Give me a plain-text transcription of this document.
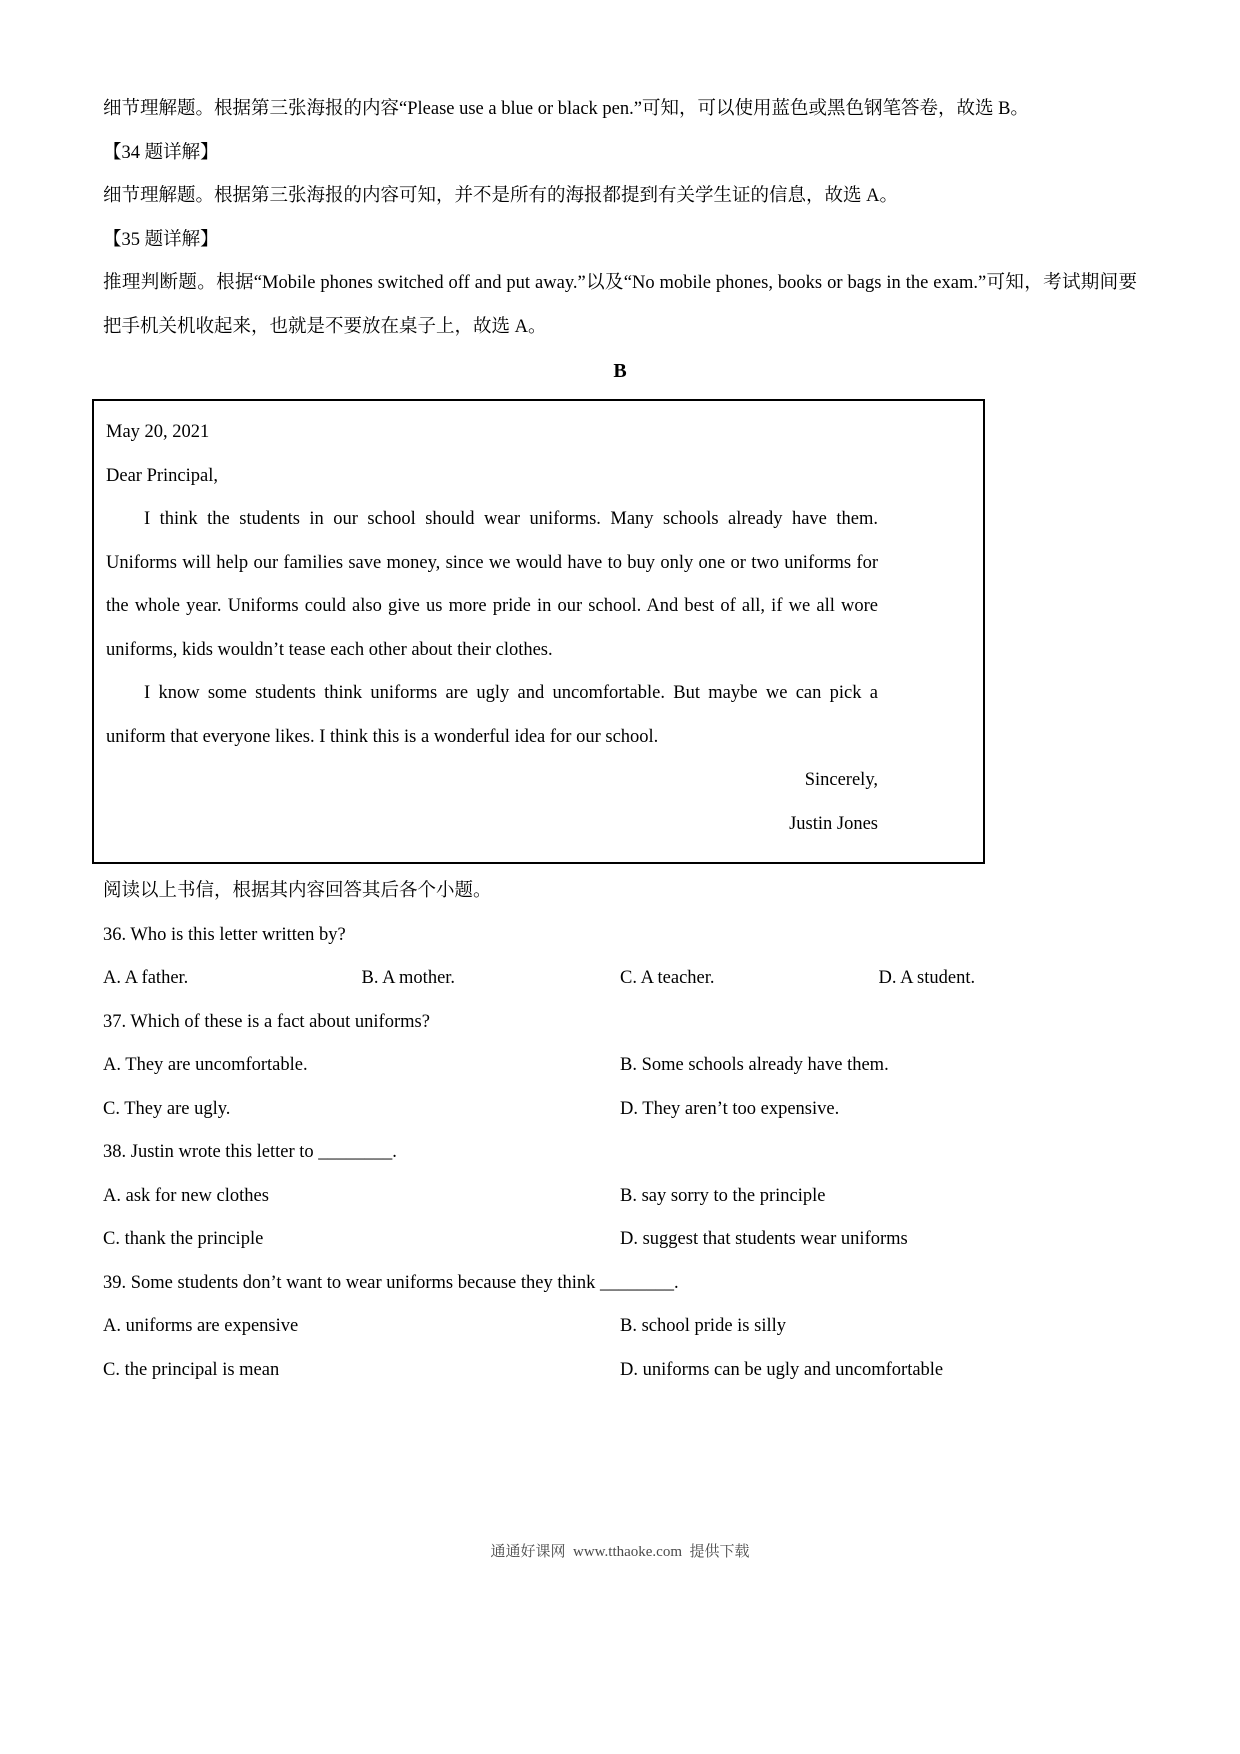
细节理解题。根据第三张海报的内容“Please use a blue or black pen.”可知，可以使用蓝色或黑色钢笔答卷，故选 B。

【34 题详解】

细节理解题。根据第三张海报的内容可知，并不是所有的海报都提到有关学生证的信息，故选 A。

【35 题详解】

推理判断题。根据“Mobile phones switched off and put away.”以及“No mobile phones, books or bags in the exam.”可知，考试期间要把手机关机收起来，也就是不要放在桌子上，故选 A。

B

May 20, 2021

Dear Principal,

I think the students in our school should wear uniforms. Many schools already have them. Uniforms will help our families save money, since we would have to buy only one or two uniforms for the whole year. Uniforms could also give us more pride in our school. And best of all, if we all wore uniforms, kids wouldn’t tease each other about their clothes.

I know some students think uniforms are ugly and uncomfortable. But maybe we can pick a uniform that everyone likes. I think this is a wonderful idea for our school.

Sincerely,

Justin Jones

阅读以上书信，根据其内容回答其后各个小题。

36. Who is this letter written by?

A. A father.	B. A mother.	C. A teacher.	D. A student.

37. Which of these is a fact about uniforms?

A. They are uncomfortable.	B. Some schools already have them.
C. They are ugly.	D. They aren’t too expensive.

38. Justin wrote this letter to ________.

A. ask for new clothes	B. say sorry to the principle
C. thank the principle	D. suggest that students wear uniforms

39. Some students don’t want to wear uniforms because they think ________.

A. uniforms are expensive	B. school pride is silly
C. the principal is mean	D. uniforms can be ugly and uncomfortable
通通好课网  www.tthaoke.com  提供下载
